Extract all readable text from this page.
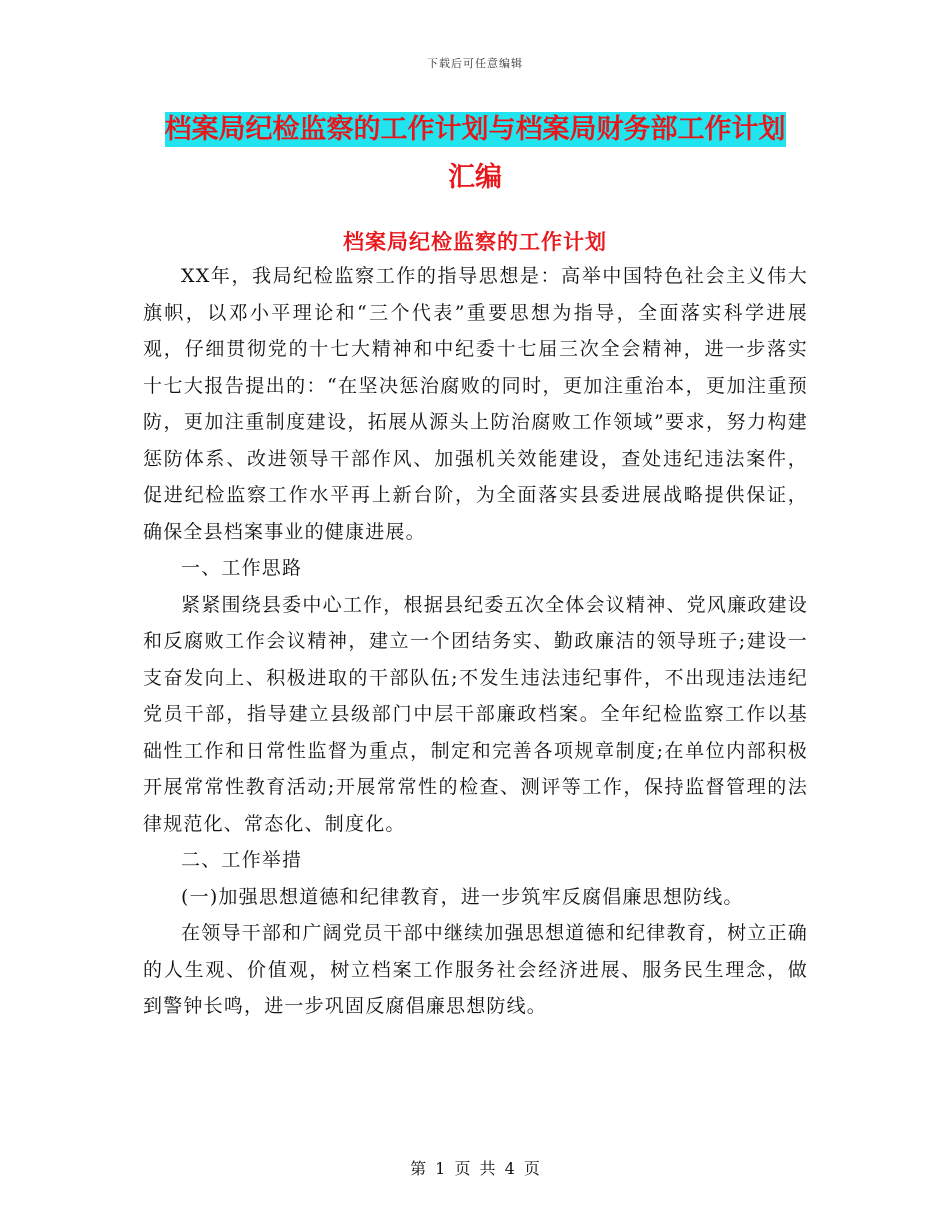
下载后可任意编辑
档案局纪检监察的工作计划与档案局财务部工作计划
汇编
档案局纪检监察的工作计划

XX年，我局纪检监察工作的指导思想是：高举中国特色社会主义伟大旗帜，以邓小平理论和“三个代表”重要思想为指导，全面落实科学进展观，仔细贯彻党的十七大精神和中纪委十七届三次全会精神，进一步落实十七大报告提出的：“在坚决惩治腐败的同时，更加注重治本，更加注重预防，更加注重制度建设，拓展从源头上防治腐败工作领域”要求，努力构建惩防体系、改进领导干部作风、加强机关效能建设，查处违纪违法案件，促进纪检监察工作水平再上新台阶，为全面落实县委进展战略提供保证，确保全县档案事业的健康进展。

一、工作思路

紧紧围绕县委中心工作，根据县纪委五次全体会议精神、党风廉政建设和反腐败工作会议精神，建立一个团结务实、勤政廉洁的领导班子;建设一支奋发向上、积极进取的干部队伍;不发生违法违纪事件，不出现违法违纪党员干部，指导建立县级部门中层干部廉政档案。全年纪检监察工作以基础性工作和日常性监督为重点，制定和完善各项规章制度;在单位内部积极开展常常性教育活动;开展常常性的检查、测评等工作，保持监督管理的法律规范化、常态化、制度化。

二、工作举措

(一)加强思想道德和纪律教育，进一步筑牢反腐倡廉思想防线。

在领导干部和广阔党员干部中继续加强思想道德和纪律教育，树立正确的人生观、价值观，树立档案工作服务社会经济进展、服务民生理念，做到警钟长鸣，进一步巩固反腐倡廉思想防线。

第 1 页 共 4 页
